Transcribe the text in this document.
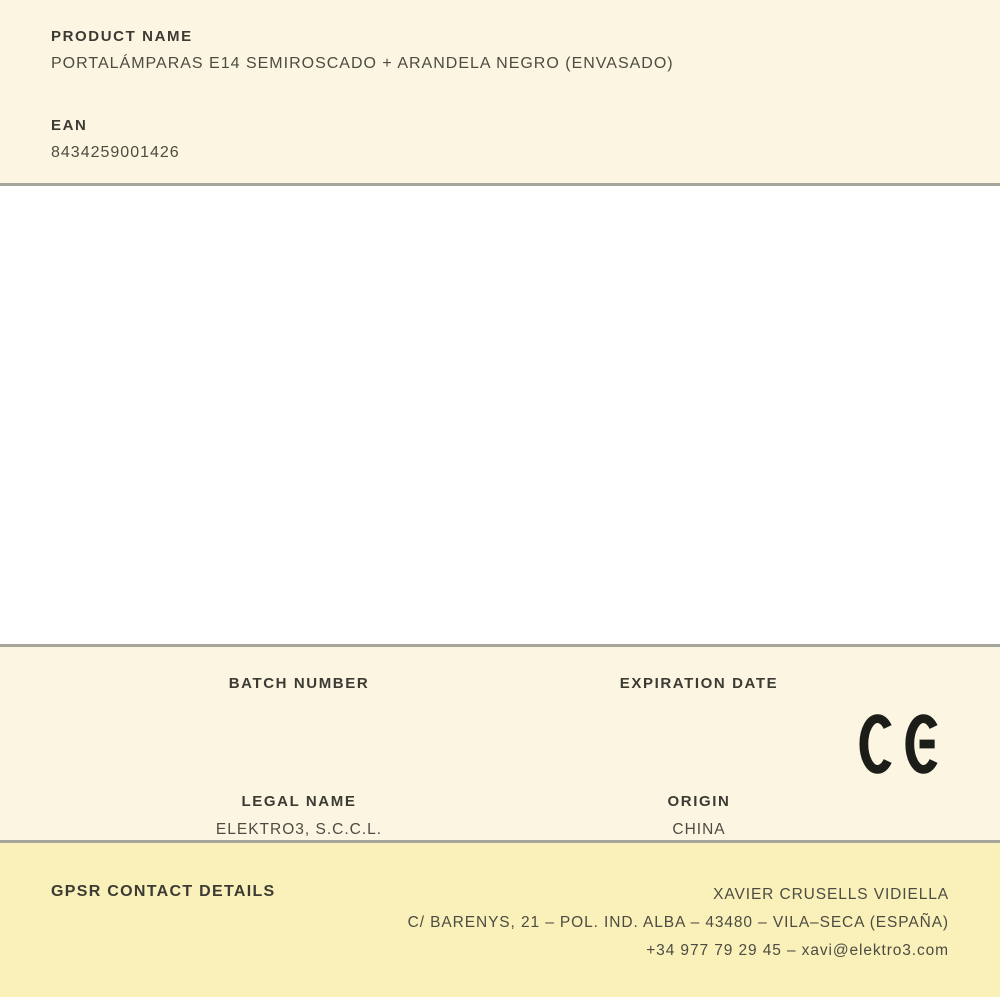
PRODUCT NAME
PORTALÁMPARAS E14 SEMIROSCADO + ARANDELA NEGRO (ENVASADO)
EAN
8434259001426
BATCH NUMBER	EXPIRATION DATE
LEGAL NAME
ELEKTRO3, S.C.C.L.
ORIGIN
CHINA
GPSR CONTACT DETAILS	XAVIER CRUSELLS VIDIELLA
C/ BARENYS, 21 – POL. IND. ALBA – 43480 – VILA–SECA (ESPAÑA)
+34 977 79 29 45 – xavi@elektro3.com
